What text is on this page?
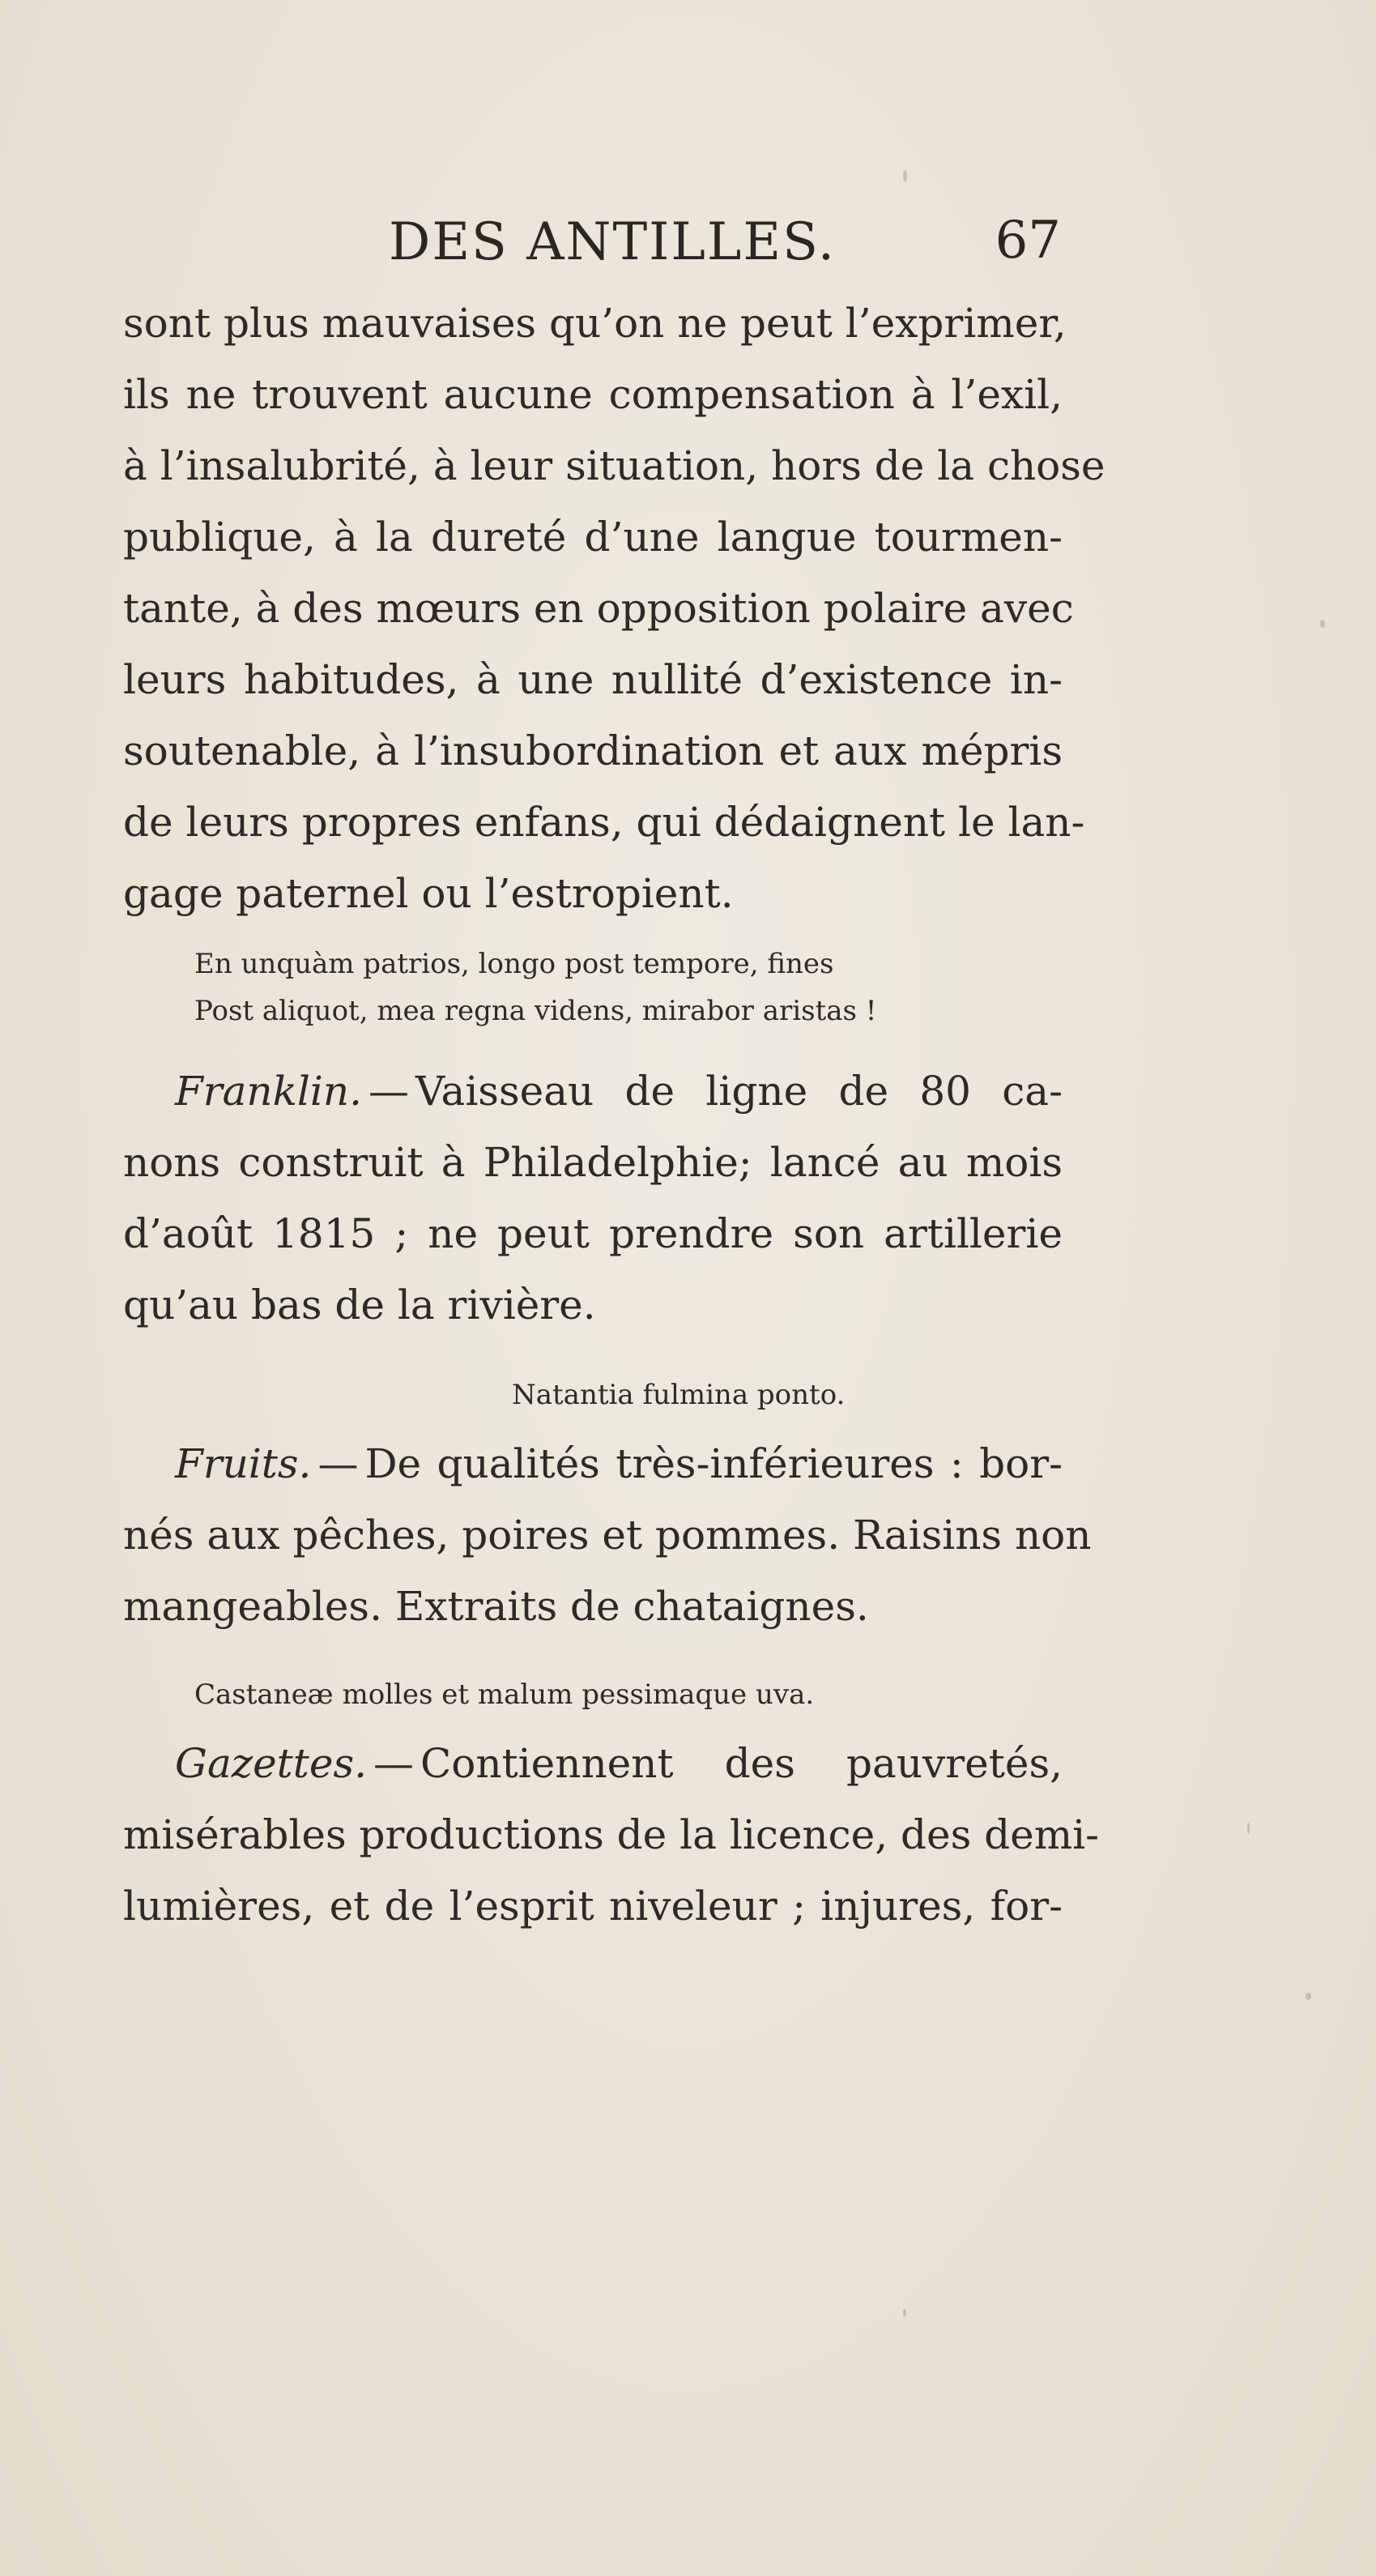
DES ANTILLES.	67

sont plus mauvaises qu’on ne peut l’exprimer,

ils ne trouvent aucune compensation à l’exil,

à l’insalubrité, à leur situation, hors de la chose

publique, à la dureté d’une langue tourmen-

tante, à des mœurs en opposition polaire avec

leurs habitudes, à une nullité d’existence in-

soutenable, à l’insubordination et aux mépris

de leurs propres enfans, qui dédaignent le lan-

gage paternel ou l’estropient.

En unquàm patrios, longo post tempore, fines

Post aliquot, mea regna videns, mirabor aristas !

Franklin. — Vaisseau de ligne de 80 ca-

nons construit à Philadelphie; lancé au mois

d’août 1815 ; ne peut prendre son artillerie

qu’au bas de la rivière.

Natantia fulmina ponto.

Fruits. — De qualités très-inférieures : bor-

nés aux pêches, poires et pommes. Raisins non

mangeables. Extraits de chataignes.

Castaneæ molles et malum pessimaque uva.

Gazettes. — Contiennent des pauvretés,

misérables productions de la licence, des demi-

lumières, et de l’esprit niveleur ; injures, for-
